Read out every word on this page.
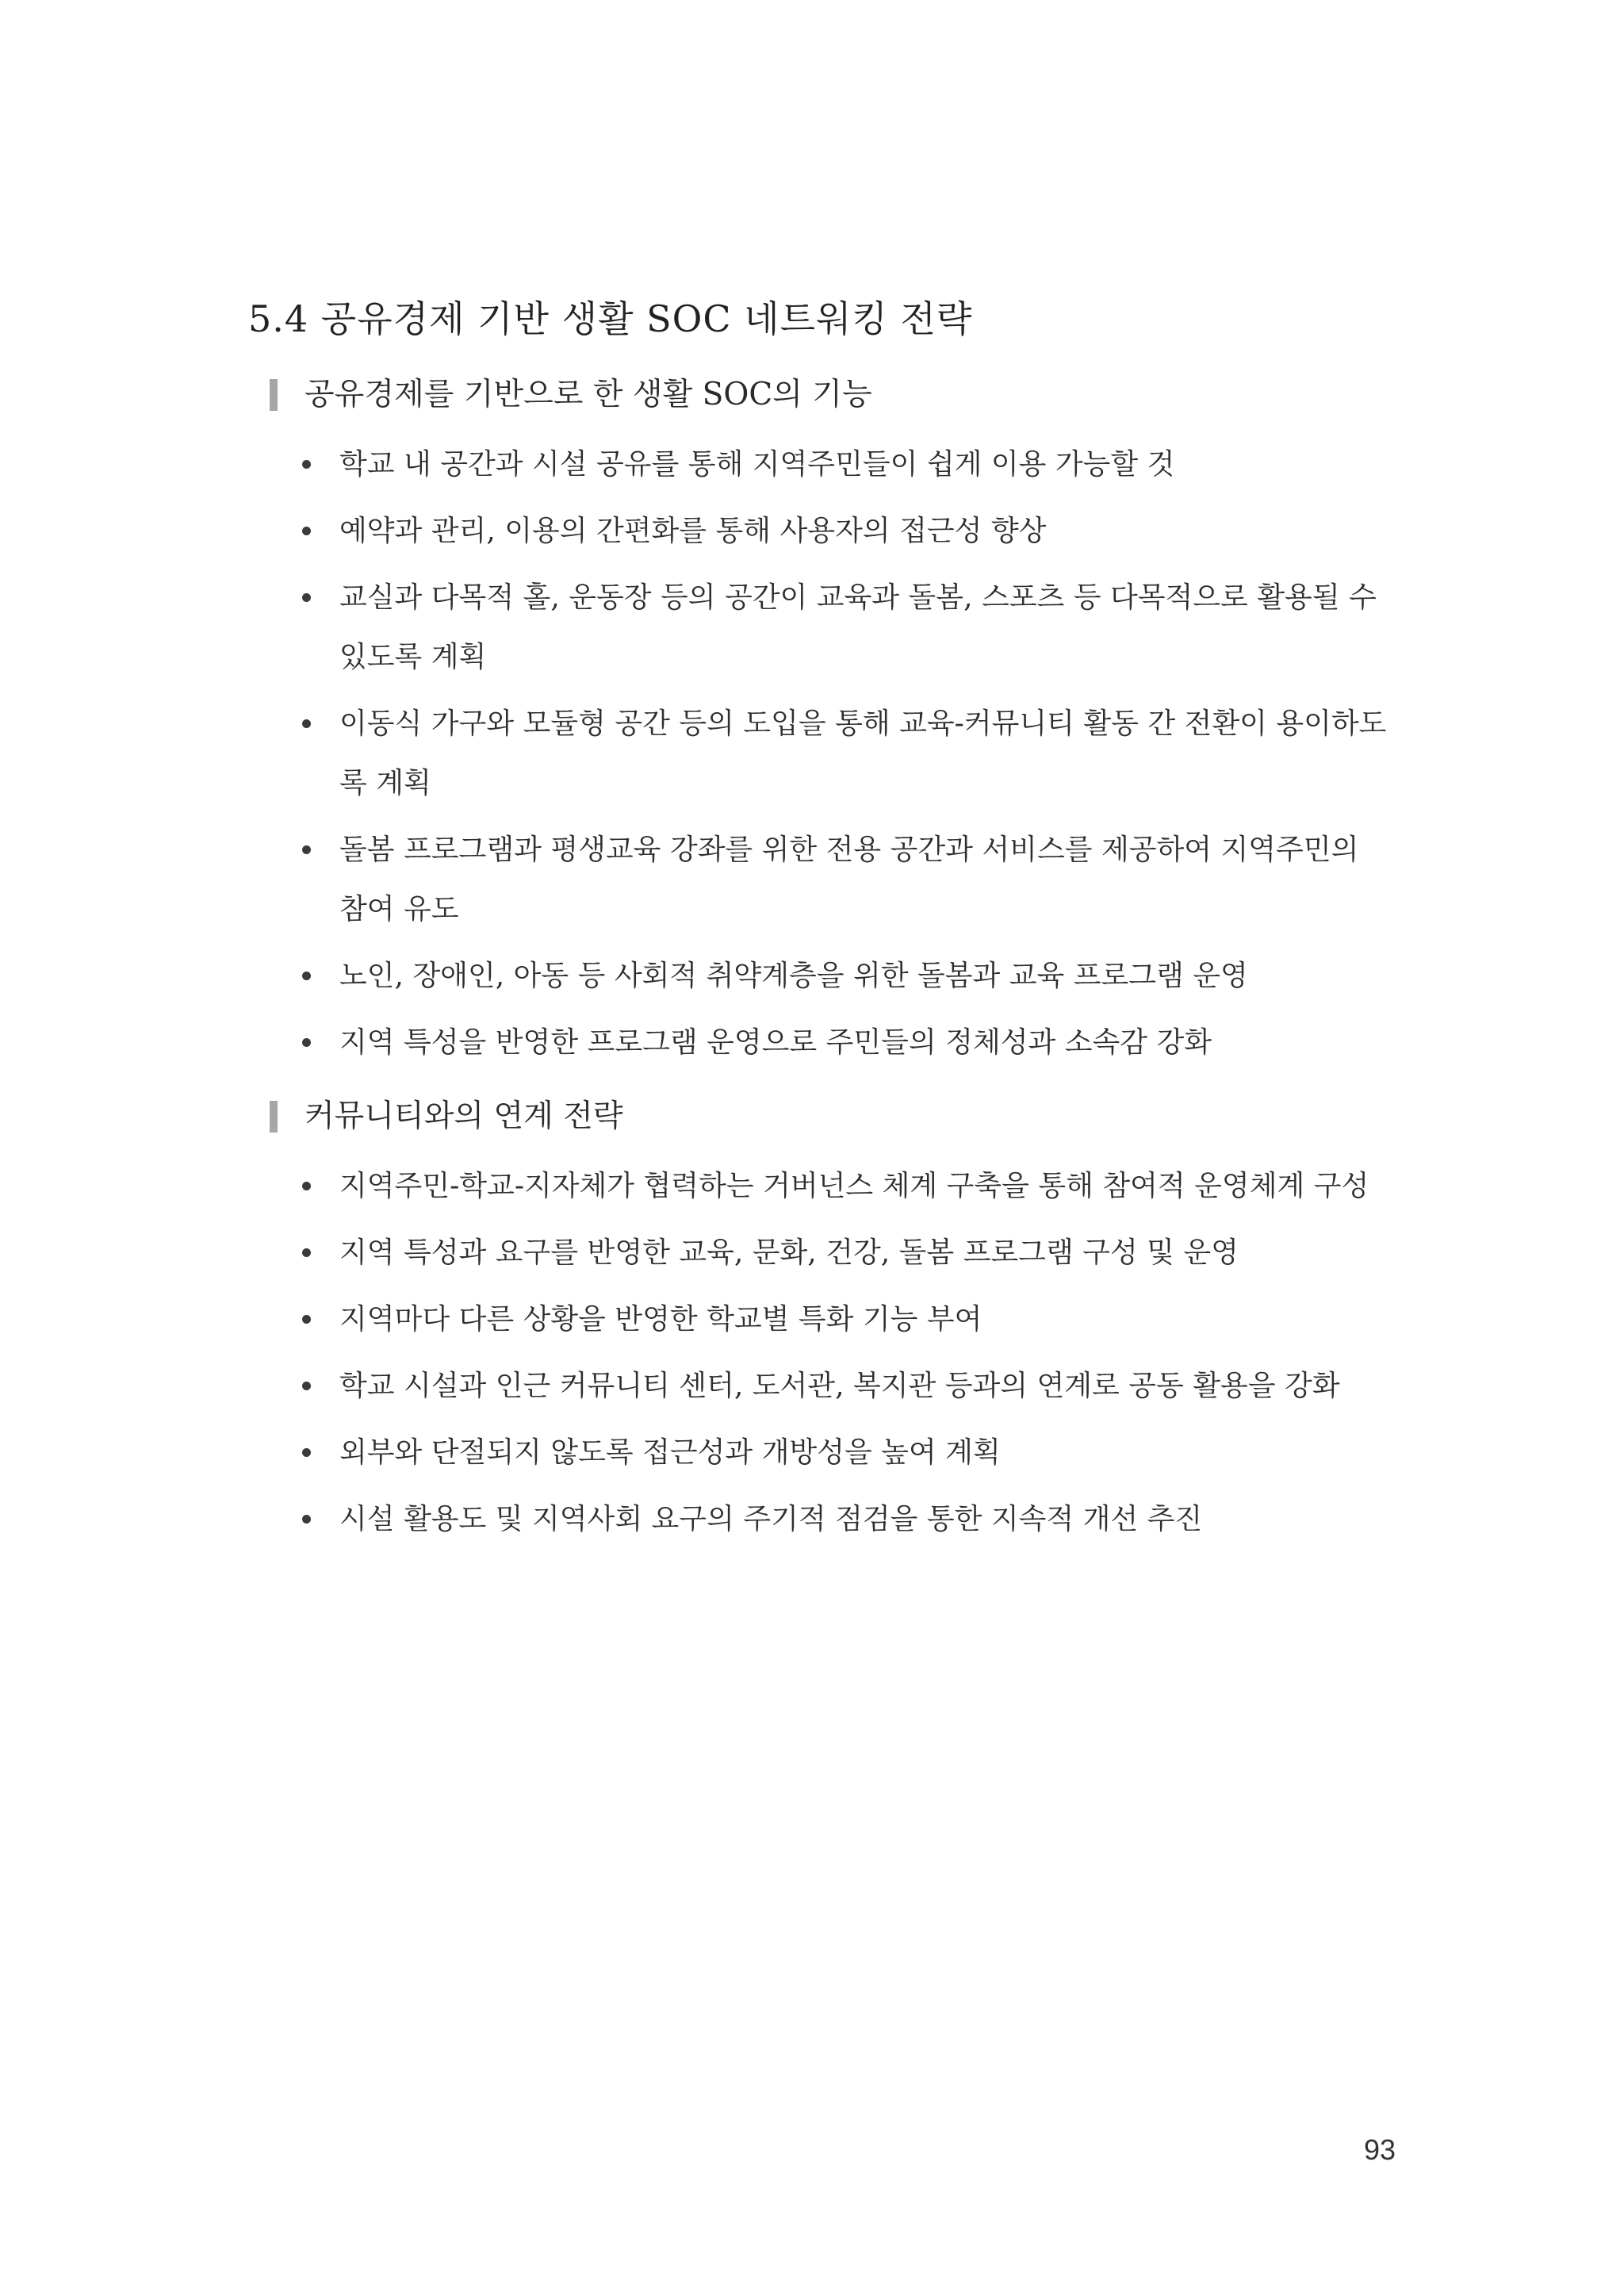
5.4 공유경제 기반 생활 SOC 네트워킹 전략
공유경제를 기반으로 한 생활 SOC의 기능
학교 내 공간과 시설 공유를 통해 지역주민들이 쉽게 이용 가능할 것
예약과 관리, 이용의 간편화를 통해 사용자의 접근성 향상
교실과 다목적 홀, 운동장 등의 공간이 교육과 돌봄, 스포츠 등 다목적으로 활용될 수 있도록 계획
이동식 가구와 모듈형 공간 등의 도입을 통해 교육-커뮤니티 활동 간 전환이 용이하도록 계획
돌봄 프로그램과 평생교육 강좌를 위한 전용 공간과 서비스를 제공하여 지역주민의 참여 유도
노인, 장애인, 아동 등 사회적 취약계층을 위한 돌봄과 교육 프로그램 운영
지역 특성을 반영한 프로그램 운영으로 주민들의 정체성과 소속감 강화
커뮤니티와의 연계 전략
지역주민-학교-지자체가 협력하는 거버넌스 체계 구축을 통해 참여적 운영체계 구성
지역 특성과 요구를 반영한 교육, 문화, 건강, 돌봄 프로그램 구성 및 운영
지역마다 다른 상황을 반영한 학교별 특화 기능 부여
학교 시설과 인근 커뮤니티 센터, 도서관, 복지관 등과의 연계로 공동 활용을 강화
외부와 단절되지 않도록 접근성과 개방성을 높여 계획
시설 활용도 및 지역사회 요구의 주기적 점검을 통한 지속적 개선 추진
93
